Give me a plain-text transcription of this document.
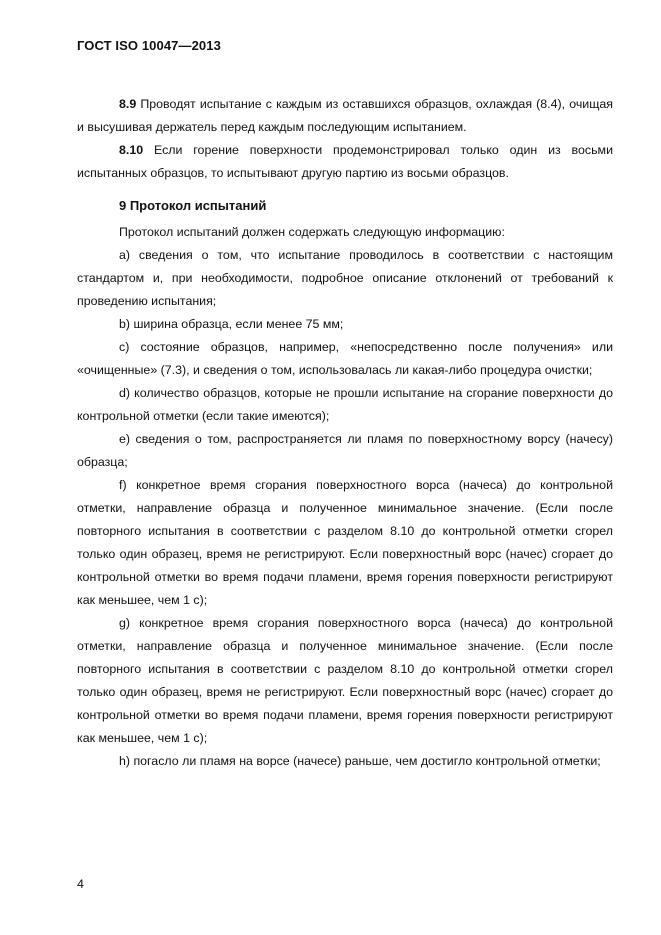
ГОСТ ISO 10047—2013

8.9 Проводят испытание с каждым из оставшихся образцов, охлаждая (8.4), очищая и высушивая держатель перед каждым последующим испытанием.

8.10 Если горение поверхности продемонстрировал только один из восьми испытанных образцов, то испытывают другую партию из восьми образцов.

9 Протокол испытаний

Протокол испытаний должен содержать следующую информацию:

а) сведения о том, что испытание проводилось в соответствии с настоящим стандартом и, при необходимости, подробное описание отклонений от требований к проведению испытания;

b) ширина образца, если менее 75 мм;

c) состояние образцов, например, «непосредственно после получения» или «очищенные» (7.3), и сведения о том, использовалась ли какая-либо процедура очистки;

d) количество образцов, которые не прошли испытание на сгорание поверхности до контрольной отметки (если такие имеются);

e) сведения о том, распространяется ли пламя по поверхностному ворсу (начесу) образца;

f) конкретное время сгорания поверхностного ворса (начеса) до контрольной отметки, направление образца и полученное минимальное значение. (Если после повторного испытания в соответствии с разделом 8.10 до контрольной отметки сгорел только один образец, время не регистрируют. Если поверхностный ворс (начес) сгорает до контрольной отметки во время подачи пламени, время горения поверхности регистрируют как меньшее, чем 1 с);

g) конкретное время сгорания поверхностного ворса (начеса) до контрольной отметки, направление образца и полученное минимальное значение. (Если после повторного испытания в соответствии с разделом 8.10 до контрольной отметки сгорел только один образец, время не регистрируют. Если поверхностный ворс (начес) сгорает до контрольной отметки во время подачи пламени, время горения поверхности регистрируют как меньшее, чем 1 с);

h) погасло ли пламя на ворсе (начесе) раньше, чем достигло контрольной отметки;

4
